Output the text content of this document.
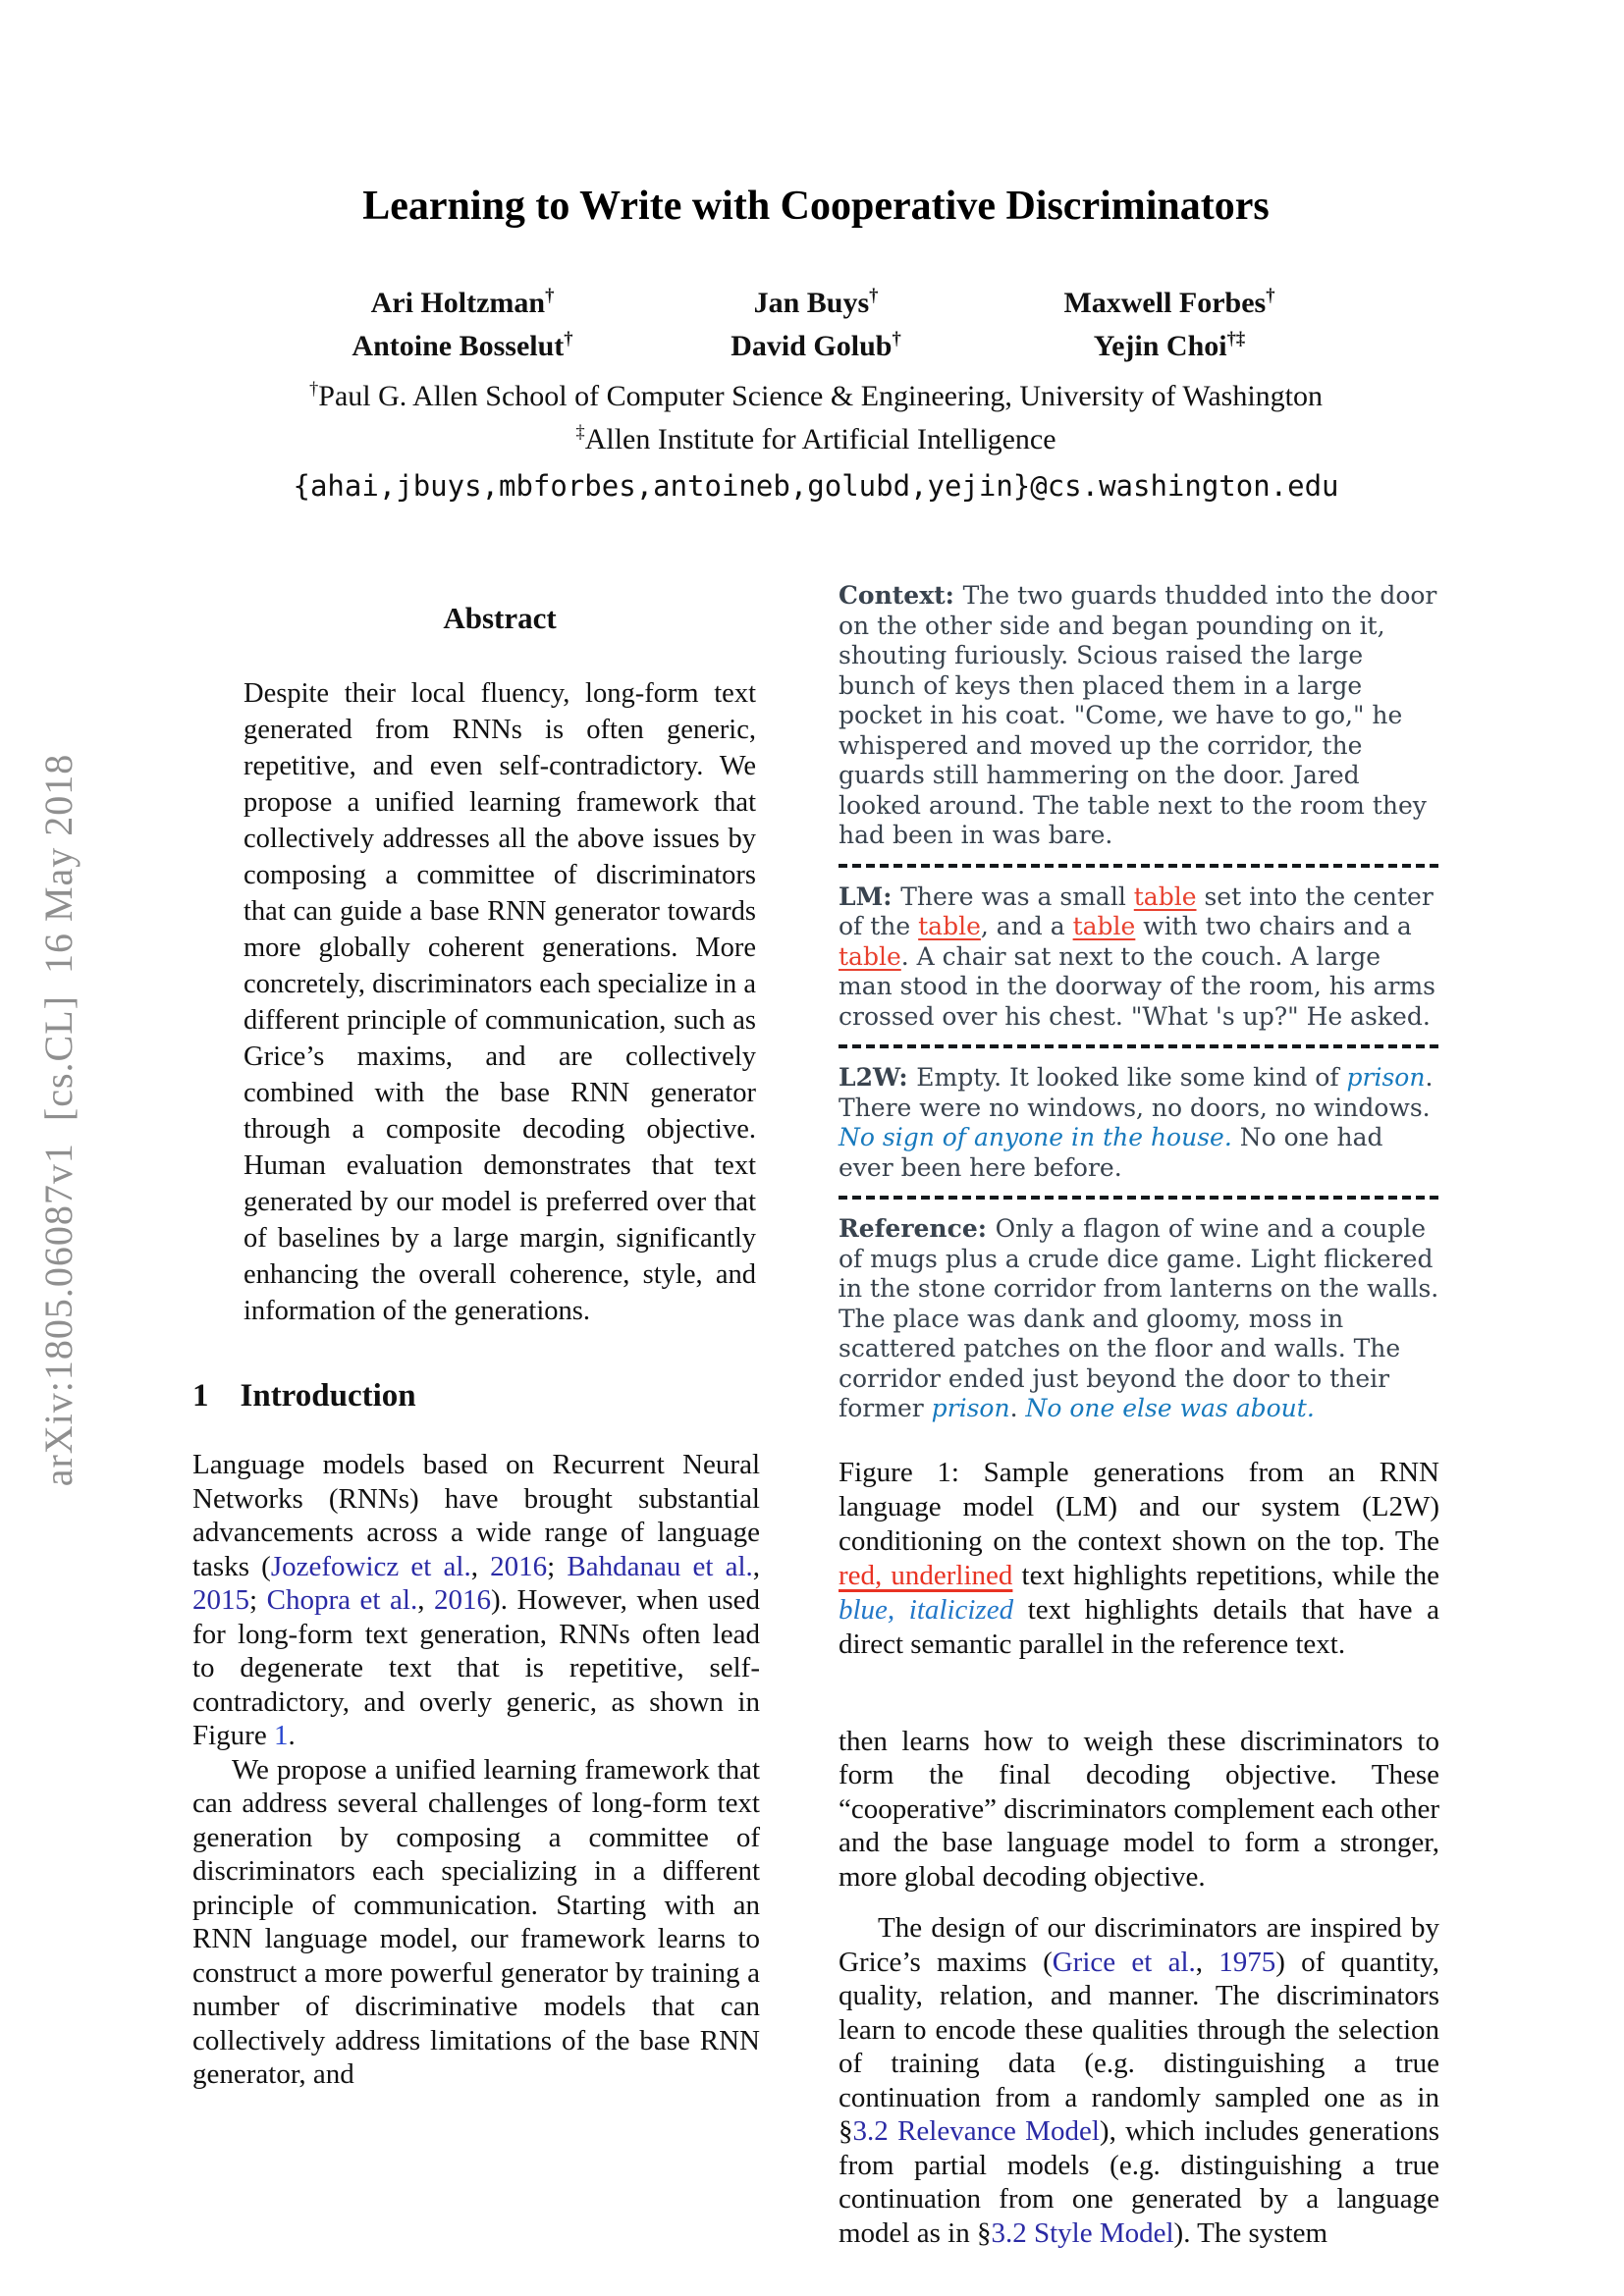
arXiv:1805.06087v1  [cs.CL]  16 May 2018
Learning to Write with Cooperative Discriminators
Ari Holtzman†	Jan Buys†	Maxwell Forbes†
Antoine Bosselut†	David Golub†	Yejin Choi†‡
†Paul G. Allen School of Computer Science & Engineering, University of Washington
‡Allen Institute for Artificial Intelligence
{ahai,jbuys,mbforbes,antoineb,golubd,yejin}@cs.washington.edu
Abstract

Despite their local fluency, long-form text generated from RNNs is often generic, repetitive, and even self-contradictory. We propose a unified learning framework that collectively addresses all the above issues by composing a committee of discriminators that can guide a base RNN generator towards more globally coherent generations. More concretely, discriminators each specialize in a different principle of communication, such as Grice’s maxims, and are collectively combined with the base RNN generator through a composite decoding objective. Human evaluation demonstrates that text generated by our model is preferred over that of baselines by a large margin, significantly enhancing the overall coherence, style, and information of the generations.

1 Introduction

Language models based on Recurrent Neural Networks (RNNs) have brought substantial advancements across a wide range of language tasks (Jozefowicz et al., 2016; Bahdanau et al., 2015; Chopra et al., 2016). However, when used for long-form text generation, RNNs often lead to degenerate text that is repetitive, self-contradictory, and overly generic, as shown in Figure 1.

We propose a unified learning framework that can address several challenges of long-form text generation by composing a committee of discriminators each specializing in a different principle of communication. Starting with an RNN language model, our framework learns to construct a more powerful generator by training a number of discriminative models that can collectively address limitations of the base RNN generator, and

Context: The two guards thudded into the door on the other side and began pounding on it, shouting furiously. Scious raised the large bunch of keys then placed them in a large pocket in his coat. "Come, we have to go," he whispered and moved up the corridor, the guards still hammering on the door. Jared looked around. The table next to the room they had been in was bare.
LM: There was a small table set into the center of the table, and a table with two chairs and a table. A chair sat next to the couch. A large man stood in the doorway of the room, his arms crossed over his chest. "What 's up?" He asked.
L2W: Empty. It looked like some kind of prison. There were no windows, no doors, no windows. No sign of anyone in the house. No one had ever been here before.
Reference: Only a flagon of wine and a couple of mugs plus a crude dice game. Light flickered in the stone corridor from lanterns on the walls. The place was dank and gloomy, moss in scattered patches on the floor and walls. The corridor ended just beyond the door to their former prison. No one else was about.

Figure 1: Sample generations from an RNN language model (LM) and our system (L2W) conditioning on the context shown on the top. The red, underlined text highlights repetitions, while the blue, italicized text highlights details that have a direct semantic parallel in the reference text.

then learns how to weigh these discriminators to form the final decoding objective. These “cooperative” discriminators complement each other and the base language model to form a stronger, more global decoding objective.

The design of our discriminators are inspired by Grice’s maxims (Grice et al., 1975) of quantity, quality, relation, and manner. The discriminators learn to encode these qualities through the selection of training data (e.g. distinguishing a true continuation from a randomly sampled one as in §3.2 Relevance Model), which includes generations from partial models (e.g. distinguishing a true continuation from one generated by a language model as in §3.2 Style Model). The system
